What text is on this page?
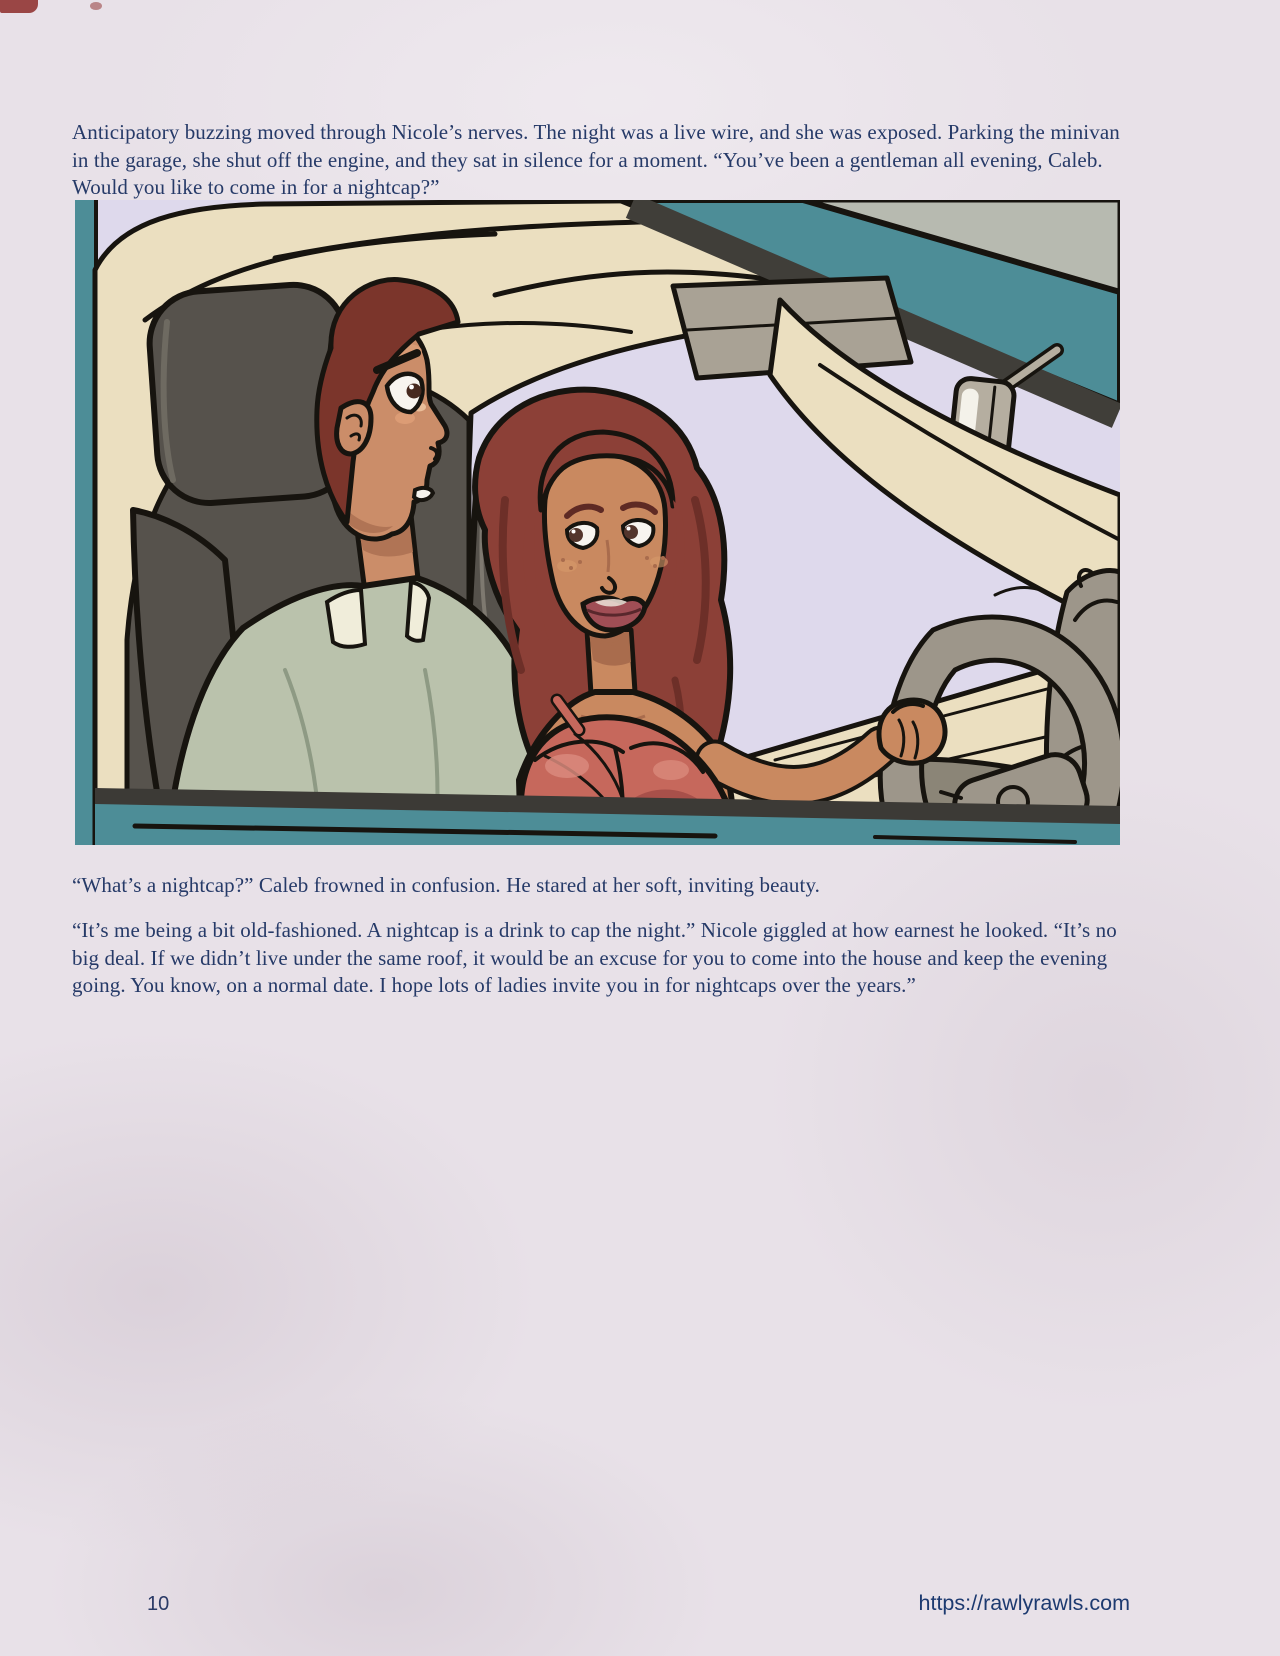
Anticipatory buzzing moved through Nicole’s nerves. The night was a live wire, and she was exposed. Parking the minivan in the garage, she shut off the engine, and they sat in silence for a moment. “You’ve been a gentleman all evening, Caleb. Would you like to come in for a nightcap?”

“What’s a nightcap?” Caleb frowned in confusion. He stared at her soft, inviting beauty.

“It’s me being a bit old-fashioned. A nightcap is a drink to cap the night.” Nicole giggled at how earnest he looked. “It’s no big deal. If we didn’t live under the same roof, it would be an excuse for you to come into the house and keep the evening going. You know, on a normal date. I hope lots of ladies invite you in for nightcaps over the years.”

10	https://rawlyrawls.com
